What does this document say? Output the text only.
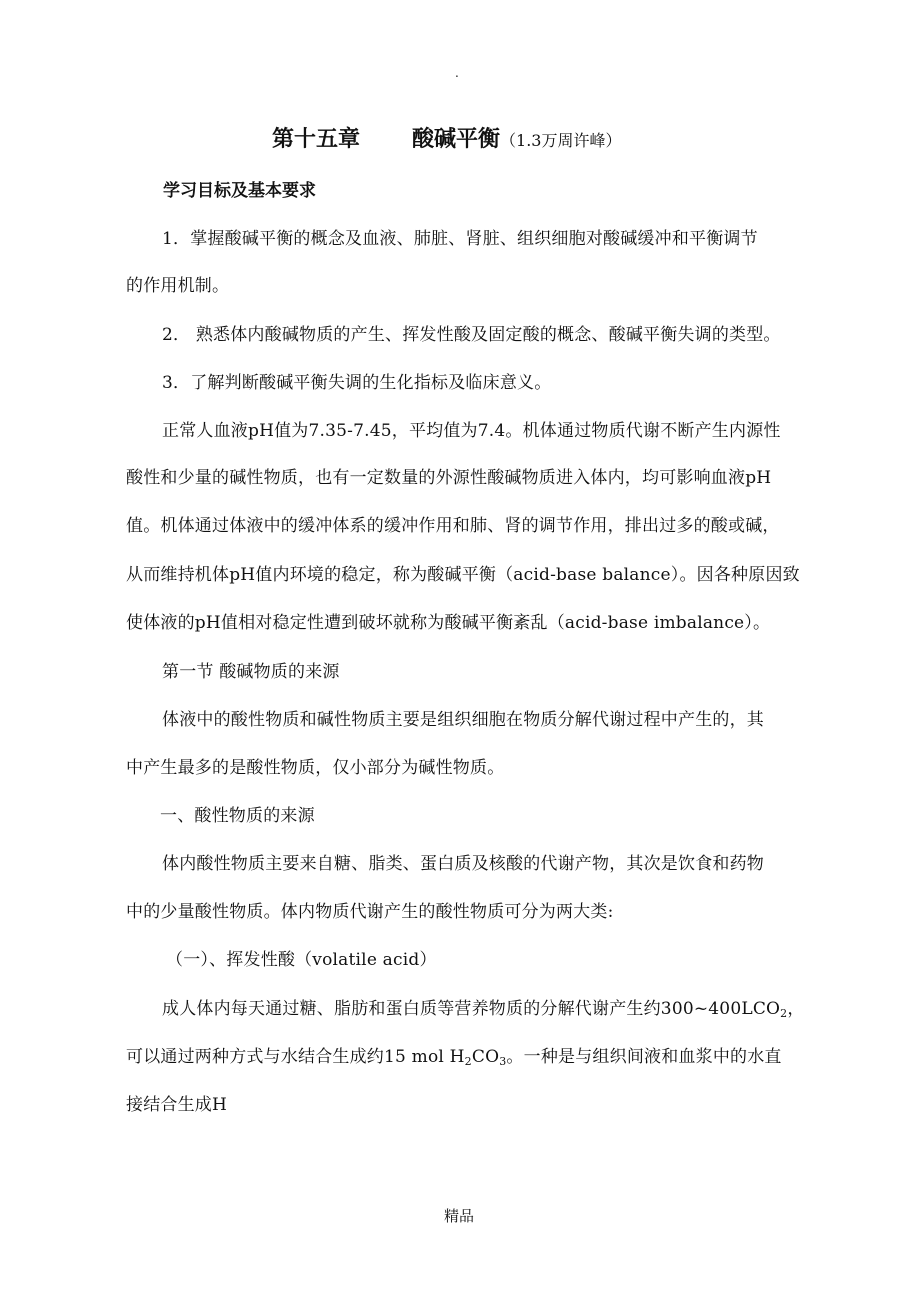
.
第十五章 酸碱平衡（1.3万周许峰）
学习目标及基本要求
1．掌握酸碱平衡的概念及血液、肺脏、肾脏、组织细胞对酸碱缓冲和平衡调节
的作用机制。
2． 熟悉体内酸碱物质的产生、挥发性酸及固定酸的概念、酸碱平衡失调的类型。
3．了解判断酸碱平衡失调的生化指标及临床意义。
正常人血液pH值为7.35-7.45，平均值为7.4。机体通过物质代谢不断产生内源性
酸性和少量的碱性物质，也有一定数量的外源性酸碱物质进入体内，均可影响血液pH
值。机体通过体液中的缓冲体系的缓冲作用和肺、肾的调节作用，排出过多的酸或碱，
从而维持机体pH值内环境的稳定，称为酸碱平衡（acid-base balance）。因各种原因致
使体液的pH值相对稳定性遭到破坏就称为酸碱平衡紊乱（acid-base imbalance）。
第一节 酸碱物质的来源
体液中的酸性物质和碱性物质主要是组织细胞在物质分解代谢过程中产生的，其
中产生最多的是酸性物质，仅小部分为碱性物质。
一、酸性物质的来源
体内酸性物质主要来自糖、脂类、蛋白质及核酸的代谢产物，其次是饮食和药物
中的少量酸性物质。体内物质代谢产生的酸性物质可分为两大类:
（一）、挥发性酸（volatile acid）
成人体内每天通过糖、脂肪和蛋白质等营养物质的分解代谢产生约$300\sim 400LCO_2$，
可以通过两种方式与水结合生成约15 mol $H_2CO_3$。一种是与组织间液和血浆中的水直
接结合生成H
精品
